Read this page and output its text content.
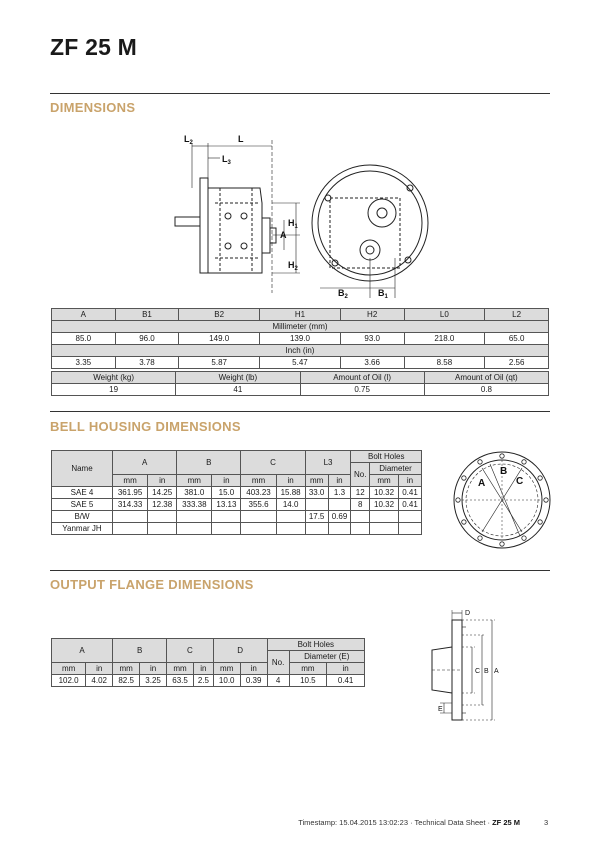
ZF 25 M
DIMENSIONS
$L_2$	L
$L_3$
$H_1$
A
$H_2$
$B_2$	$B_1$
A	B1	B2	H1	H2	L0	L2
Millimeter (mm)						
85.0	96.0	149.0	139.0	93.0	218.0	65.0
Inch (in)						
3.35	3.78	5.87	5.47	3.66	8.58	2.56
Weight (kg)	Weight (lb)	Amount of Oil (l)	Amount of Oil (qt)
19	41	0.75	0.8
BELL HOUSING DIMENSIONS
Name	A		B		C		L3		Bolt Holes		
									No.	Diameter	
	mm	in	mm	in	mm	in	mm	in		mm	in
SAE 4	361.95	14.25	381.0	15.0	403.23	15.88	33.0	1.3	12	10.32	0.41
SAE 5	314.33	12.38	333.38	13.13	355.6	14.0			8	10.32	0.41
B/W							17.5	0.69			
Yanmar JH											
A
B
C
OUTPUT FLANGE DIMENSIONS
A		B		C		D		Bolt Holes		
								No.	Diameter (E)	
mm	in	mm	in	mm	in	mm	in		mm	in
102.0	4.02	82.5	3.25	63.5	2.5	10.0	0.39	4	10.5	0.41
D
C B A
E
Timestamp: 15.04.2015 13:02:23 · Technical Data Sheet · ZF 25 M	3
